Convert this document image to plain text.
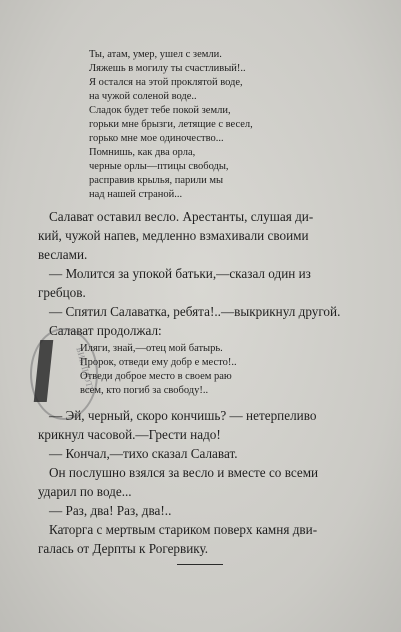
Ты, атам, умер, ушел с земли.
Ляжешь в могилу ты счастливый!..
Я остался на этой проклятой воде,
на чужой соленой воде..
Сладок будет тебе покой земли,
горьки мне брызги, летящие с весел,
горько мне мое одиночество...
Помнишь, как два орла,
черные орлы—птицы свободы,
расправив крылья, парили мы
над нашей страной...
Салават оставил весло. Арестанты, слушая ди-
кий, чужой напев, медленно взмахивали своими
веслами.
— Молится за упокой батьки,—сказал один из
гребцов.
— Спятил Салаватка, ребята!..—выкрикнул другой.
Салават продолжал:
БИБЛИОТЕ
Иляги, знай,—отец мой батырь.
Пророк, отведи ему добр е место!..
Отведи доброе место в своем раю
всем, кто погиб за свободу!..
— Эй, черный, скоро кончишь? — нетерпеливо
крикнул часовой.—Грести надо!
— Кончал,—тихо сказал Салават.
Он послушно взялся за весло и вместе со всеми
ударил по воде...
— Раз, два! Раз, два!..
Каторга с мертвым стариком поверх камня дви-
галась от Дерпты к Рогервику.
